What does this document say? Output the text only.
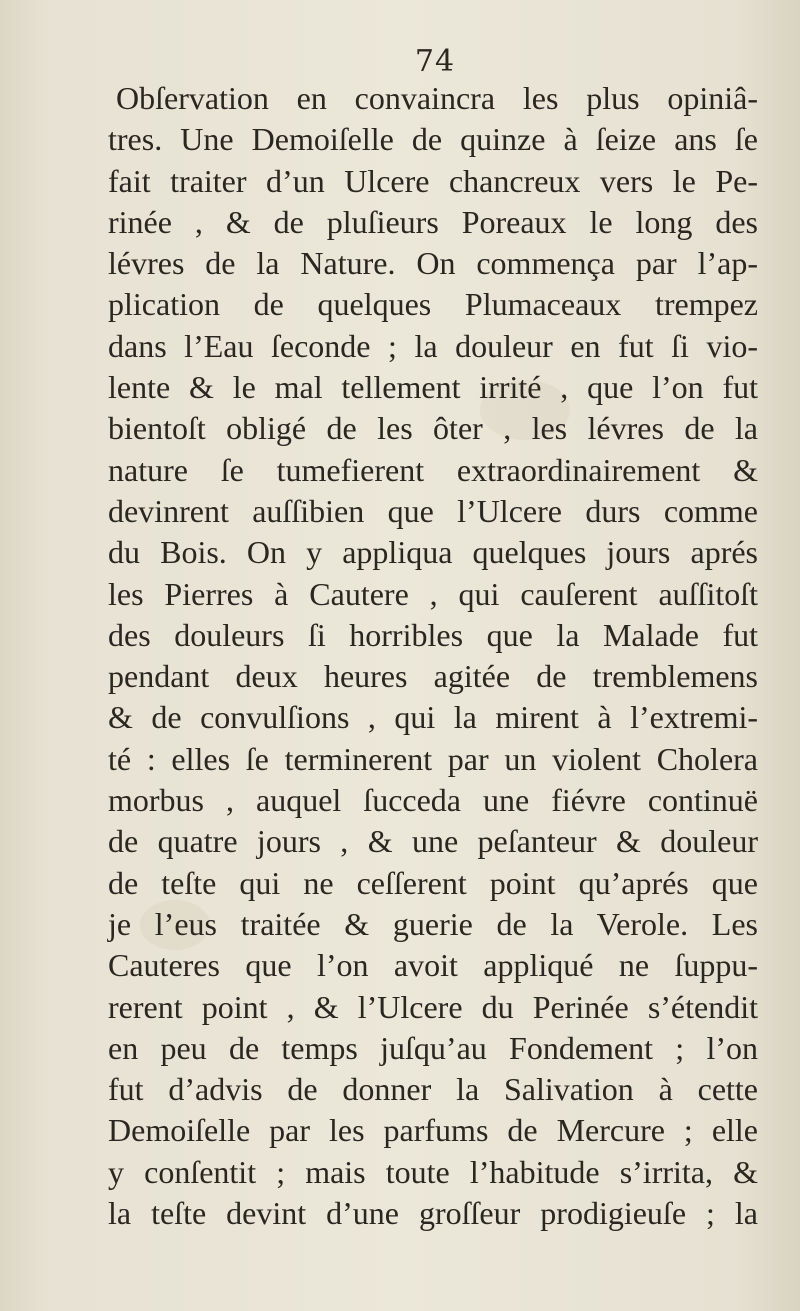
74
Obſervation en convaincra les plus opiniâ-
tres. Une Demoiſelle de quinze à ſeize ans ſe
fait traiter d’un Ulcere chancreux vers le Pe-
rinée , & de pluſieurs Poreaux le long des
lévres de la Nature. On commença par l’ap-
plication de quelques Plumaceaux trempez
dans l’Eau ſeconde ; la douleur en fut ſi vio-
lente & le mal tellement irrité , que l’on fut
bientoſt obligé de les ôter , les lévres de la
nature ſe tumefierent extraordinairement &
devinrent auſſibien que l’Ulcere durs comme
du Bois. On y appliqua quelques jours aprés
les Pierres à Cautere , qui cauſerent auſſitoſt
des douleurs ſi horribles que la Malade fut
pendant deux heures agitée de tremblemens
& de convulſions , qui la mirent à l’extremi-
té : elles ſe terminerent par un violent Cholera
morbus , auquel ſucceda une fiévre continuë
de quatre jours , & une peſanteur & douleur
de teſte qui ne ceſſerent point qu’aprés que
je l’eus traitée & guerie de la Verole. Les
Cauteres que l’on avoit appliqué ne ſuppu-
rerent point , & l’Ulcere du Perinée s’étendit
en peu de temps juſqu’au Fondement ; l’on
fut d’advis de donner la Salivation à cette
Demoiſelle par les parfums de Mercure ; elle
y conſentit ; mais toute l’habitude s’irrita, &
la teſte devint d’une groſſeur prodigieuſe ; la
